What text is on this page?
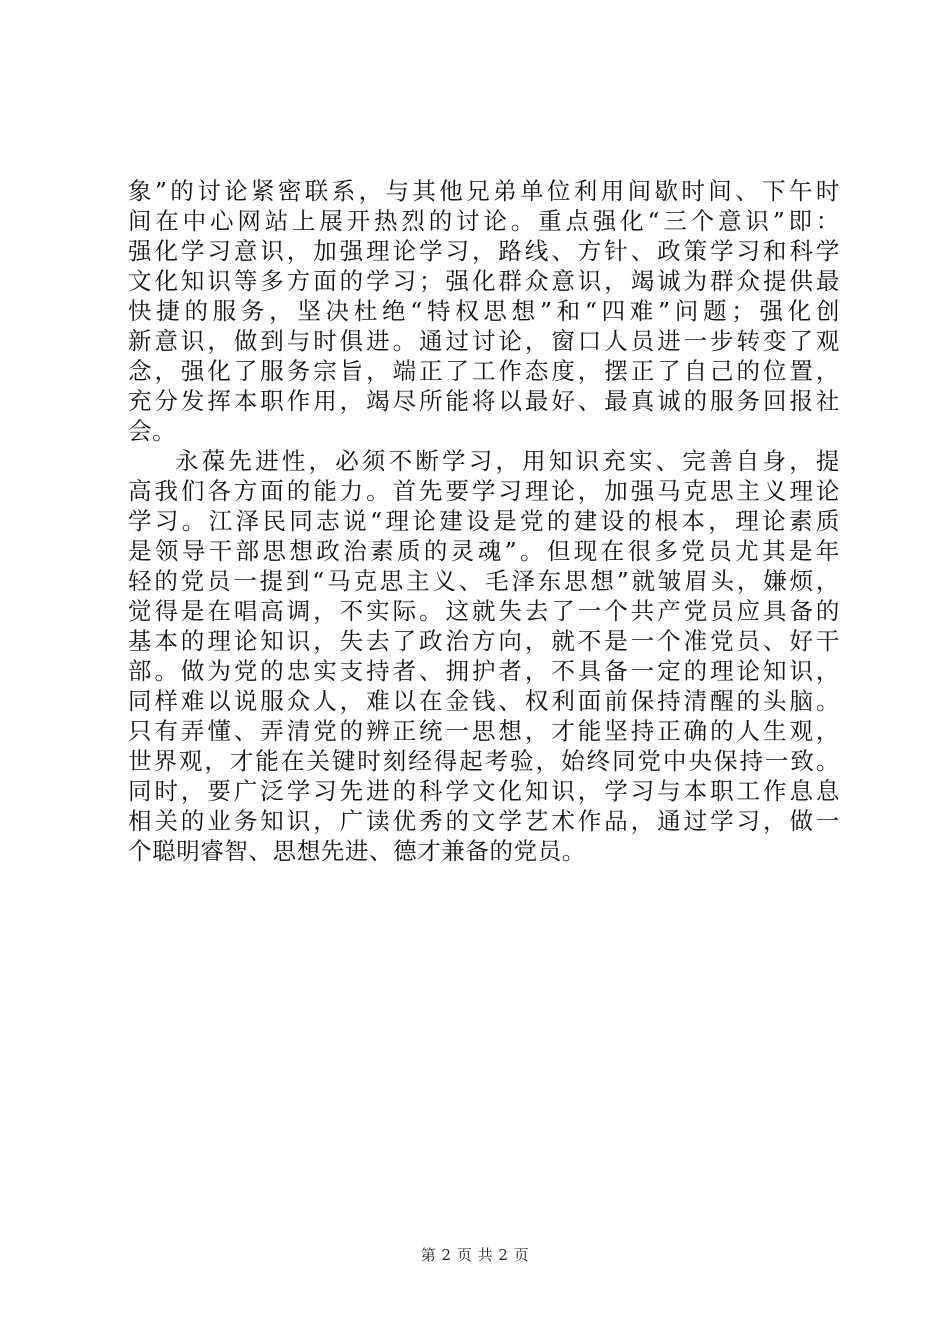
象”的讨论紧密联系，与其他兄弟单位利用间歇时间、下午时
间在中心网站上展开热烈的讨论。重点强化“三个意识”即：
强化学习意识，加强理论学习，路线、方针、政策学习和科学
文化知识等多方面的学习；强化群众意识，竭诚为群众提供最
快捷的服务，坚决杜绝“特权思想”和“四难”问题；强化创
新意识，做到与时俱进。通过讨论，窗口人员进一步转变了观
念，强化了服务宗旨，端正了工作态度，摆正了自己的位置，
充分发挥本职作用，竭尽所能将以最好、最真诚的服务回报社
会。
永葆先进性，必须不断学习，用知识充实、完善自身，提
高我们各方面的能力。首先要学习理论，加强马克思主义理论
学习。江泽民同志说“理论建设是党的建设的根本，理论素质
是领导干部思想政治素质的灵魂”。但现在很多党员尤其是年
轻的党员一提到“马克思主义、毛泽东思想”就皱眉头，嫌烦，
觉得是在唱高调，不实际。这就失去了一个共产党员应具备的
基本的理论知识，失去了政治方向，就不是一个准党员、好干
部。做为党的忠实支持者、拥护者，不具备一定的理论知识，
同样难以说服众人，难以在金钱、权利面前保持清醒的头脑。
只有弄懂、弄清党的辨正统一思想，才能坚持正确的人生观，
世界观，才能在关键时刻经得起考验，始终同党中央保持一致。
同时，要广泛学习先进的科学文化知识，学习与本职工作息息
相关的业务知识，广读优秀的文学艺术作品，通过学习，做一
个聪明睿智、思想先进、德才兼备的党员。
第 2 页 共 2 页
